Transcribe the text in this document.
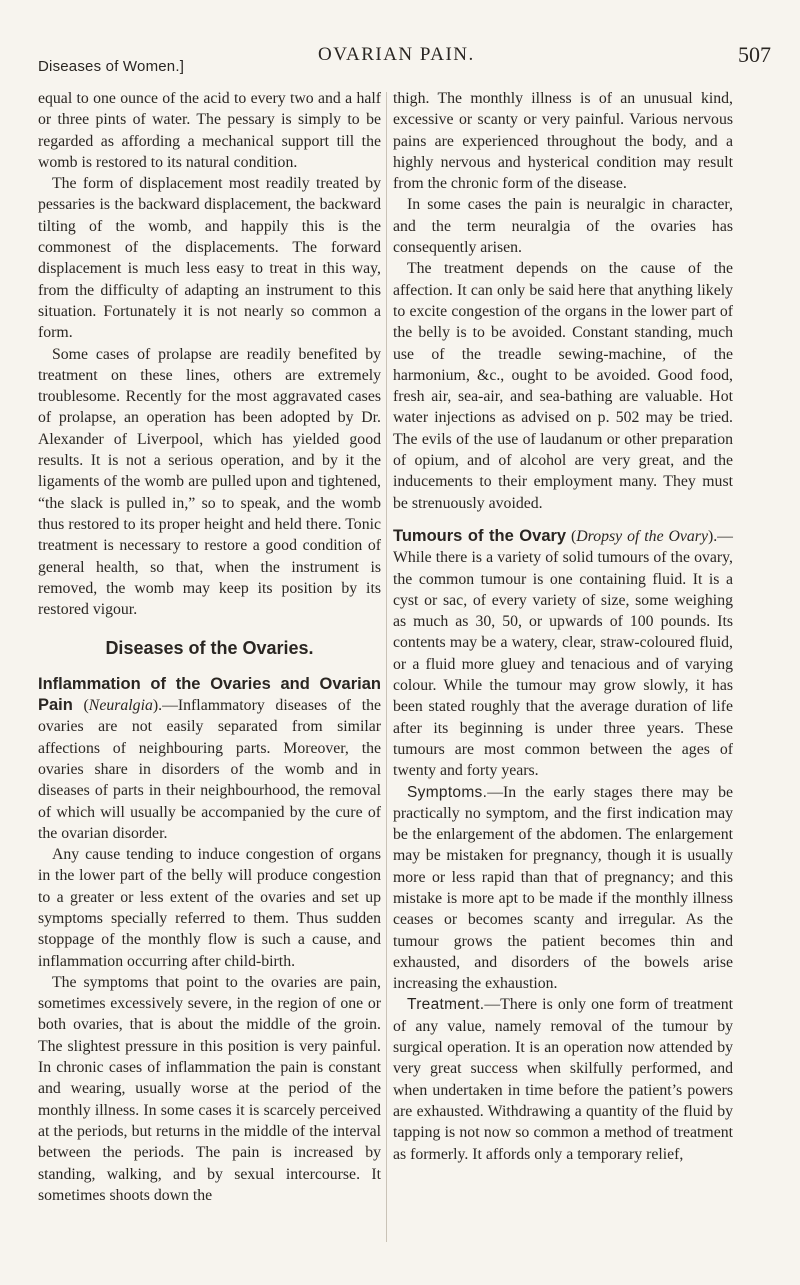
Diseases of Women.]
OVARIAN PAIN.	507

equal to one ounce of the acid to every two and a half or three pints of water. The pessary is simply to be regarded as affording a mechanical support till the womb is restored to its natural condition.

The form of displacement most readily treated by pessaries is the backward displacement, the backward tilting of the womb, and happily this is the commonest of the displacements. The forward displacement is much less easy to treat in this way, from the difficulty of adapting an instrument to this situation. Fortunately it is not nearly so common a form.

Some cases of prolapse are readily benefited by treatment on these lines, others are extremely troublesome. Recently for the most aggravated cases of prolapse, an operation has been adopted by Dr. Alexander of Liverpool, which has yielded good results. It is not a serious operation, and by it the ligaments of the womb are pulled upon and tightened, “the slack is pulled in,” so to speak, and the womb thus restored to its proper height and held there. Tonic treatment is necessary to restore a good condition of general health, so that, when the instrument is removed, the womb may keep its position by its restored vigour.

Diseases of the Ovaries.

Inflammation of the Ovaries and Ovarian Pain (Neuralgia).—Inflammatory diseases of the ovaries are not easily separated from similar affections of neighbouring parts. Moreover, the ovaries share in disorders of the womb and in diseases of parts in their neighbourhood, the removal of which will usually be accompanied by the cure of the ovarian disorder.

Any cause tending to induce congestion of organs in the lower part of the belly will produce congestion to a greater or less extent of the ovaries and set up symptoms specially referred to them. Thus sudden stoppage of the monthly flow is such a cause, and inflammation occurring after child-birth.

The symptoms that point to the ovaries are pain, sometimes excessively severe, in the region of one or both ovaries, that is about the middle of the groin. The slightest pressure in this position is very painful. In chronic cases of inflammation the pain is constant and wearing, usually worse at the period of the monthly illness. In some cases it is scarcely perceived at the periods, but returns in the middle of the interval between the periods. The pain is increased by standing, walking, and by sexual intercourse. It sometimes shoots down the

thigh. The monthly illness is of an unusual kind, excessive or scanty or very painful. Various nervous pains are experienced throughout the body, and a highly nervous and hysterical condition may result from the chronic form of the disease.

In some cases the pain is neuralgic in character, and the term neuralgia of the ovaries has consequently arisen.

The treatment depends on the cause of the affection. It can only be said here that anything likely to excite congestion of the organs in the lower part of the belly is to be avoided. Constant standing, much use of the treadle sewing-machine, of the harmonium, &c., ought to be avoided. Good food, fresh air, sea-air, and sea-bathing are valuable. Hot water injections as advised on p. 502 may be tried. The evils of the use of laudanum or other preparation of opium, and of alcohol are very great, and the inducements to their employment many. They must be strenuously avoided.

Tumours of the Ovary (Dropsy of the Ovary).—While there is a variety of solid tumours of the ovary, the common tumour is one containing fluid. It is a cyst or sac, of every variety of size, some weighing as much as 30, 50, or upwards of 100 pounds. Its contents may be a watery, clear, straw-coloured fluid, or a fluid more gluey and tenacious and of varying colour. While the tumour may grow slowly, it has been stated roughly that the average duration of life after its beginning is under three years. These tumours are most common between the ages of twenty and forty years.

Symptoms.—In the early stages there may be practically no symptom, and the first indication may be the enlargement of the abdomen. The enlargement may be mistaken for pregnancy, though it is usually more or less rapid than that of pregnancy; and this mistake is more apt to be made if the monthly illness ceases or becomes scanty and irregular. As the tumour grows the patient becomes thin and exhausted, and disorders of the bowels arise increasing the exhaustion.

Treatment.—There is only one form of treatment of any value, namely removal of the tumour by surgical operation. It is an operation now attended by very great success when skilfully performed, and when undertaken in time before the patient’s powers are exhausted. Withdrawing a quantity of the fluid by tapping is not now so common a method of treatment as formerly. It affords only a temporary relief,
